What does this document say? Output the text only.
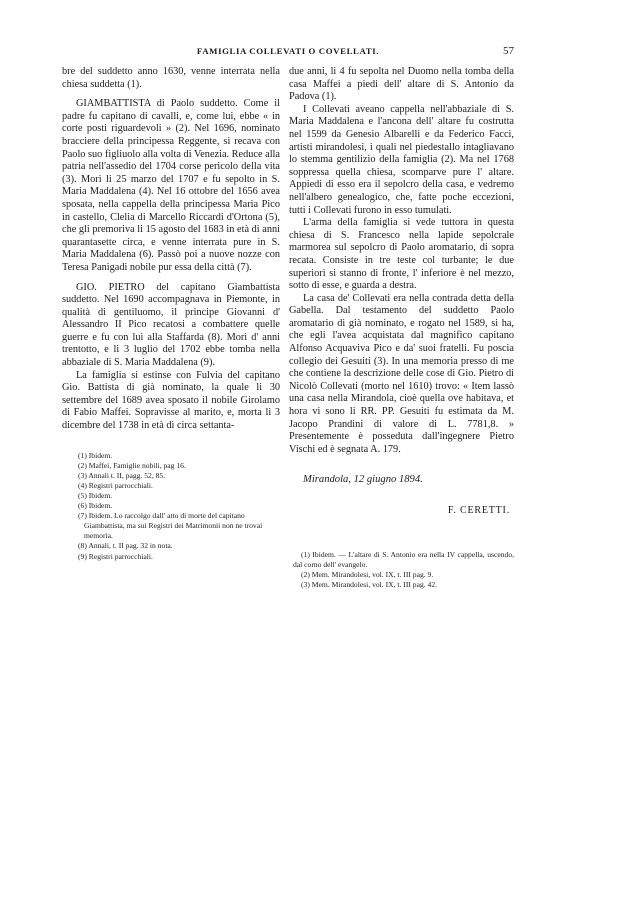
FAMIGLIA COLLEVATI O COVELLATI.	57

bre del suddetto anno 1630, venne interrata nella chiesa suddetta (1).

GIAMBATTISTA di Paolo suddetto. Come il padre fu capitano di cavalli, e, come lui, ebbe « in corte posti riguardevoli » (2). Nel 1696, nominato bracciere della principessa Reggente, si recava con Paolo suo figliuolo alla volta di Venezia. Reduce alla patria nell'assedio del 1704 corse pericolo della vita (3). Morì li 25 marzo del 1707 e fu sepolto in S. Maria Maddalena (4). Nel 16 ottobre del 1656 avea sposata, nella cappella della principessa Maria Pico in castello, Clelia di Marcello Riccardi d'Ortona (5), che gli premoriva li 15 agosto del 1683 in età di anni quarantasette circa, e venne interrata pure in S. Maria Maddalena (6). Passò poi a nuove nozze con Teresa Panigadi nobile pur essa della città (7).

GIO. PIETRO del capitano Giambattista suddetto. Nel 1690 accompagnava in Piemonte, in qualità di gentiluomo, il principe Giovanni d' Alessandro II Pico recatosi a combattere quelle guerre e fu con lui alla Staffarda (8). Morì d' anni trentotto, e li 3 luglio del 1702 ebbe tomba nella abbaziale di S. Maria Maddalena (9).

La famiglia si estinse con Fulvia del capitano Gio. Battista di già nominato, la quale li 30 settembre del 1689 avea sposato il nobile Girolamo di Fabio Maffei. Sopravisse al marito, e, morta li 3 dicembre del 1738 in età di circa settanta-

(1) Ibidem.
(2) Maffei, Famiglie nobili, pag 16.
(3) Annali t. II, pagg. 52, 85.
(4) Registri parrocchiali.
(5) Ibidem.
(6) Ibidem.
(7) Ibidem. Lo raccolgo dall' atto di morte del capitano Giambattista, ma sui Registri dei Matrimonii non ne trovai memoria.
(8) Annali, t. II pag. 32 in nota.
(9) Registri parrocchiali.

due anni, li 4 fu sepolta nel Duomo nella tomba della casa Maffei a piedi dell' altare di S. Antonio da Padova (1).

I Collevati aveano cappella nell'abbaziale di S. Maria Maddalena e l'ancona dell' altare fu costrutta nel 1599 da Genesio Albarelli e da Federico Facci, artisti mirandolesi, i quali nel piedestallo intagliavano lo stemma gentilizio della famiglia (2). Ma nel 1768 soppressa quella chiesa, scomparve pure l' altare. Appiedi di esso era il sepolcro della casa, e vedremo nell'albero genealogico, che, fatte poche eccezioni, tutti i Collevati furono in esso tumulati.

L'arma della famiglia si vede tuttora in questa chiesa di S. Francesco nella lapide sepolcrale marmorea sul sepolcro di Paolo aromatario, di sopra recata. Consiste in tre teste col turbante; le due superiori si stanno di fronte, l' inferiore è nel mezzo, sotto di esse, e guarda a destra.

La casa de' Collevati era nella contrada detta della Gabella. Dal testamento del suddetto Paolo aromatario di già nominato, e rogato nel 1589, si ha, che egli l'avea acquistata dal magnifico capitano Alfonso Acquaviva Pico e da' suoi fratelli. Fu poscia collegio dei Gesuiti (3). In una memoria presso di me che contiene la descrizione delle cose di Gio. Pietro di Nicolò Collevati (morto nel 1610) trovo: « Item lassò una casa nella Mirandola, cioè quella ove habitava, et hora vi sono li RR. PP. Gesuiti fu estimata da M. Jacopo Prandini di valore di L. 7781,8. » Presentemente è posseduta dall'ingegnere Pietro Vischi ed è segnata A. 179.

Mirandola, 12 giugno 1894.
F. CERETTI.
(1) Ibidem. — L'altare di S. Antonio era nella IV cappella, uscendo, dal corno dell' evangelo.
(2) Mem. Mirandolesi, vol. IX, t. III pag. 9.
(3) Mem. Mirandolesi, vol. IX, t. III pag. 42.
